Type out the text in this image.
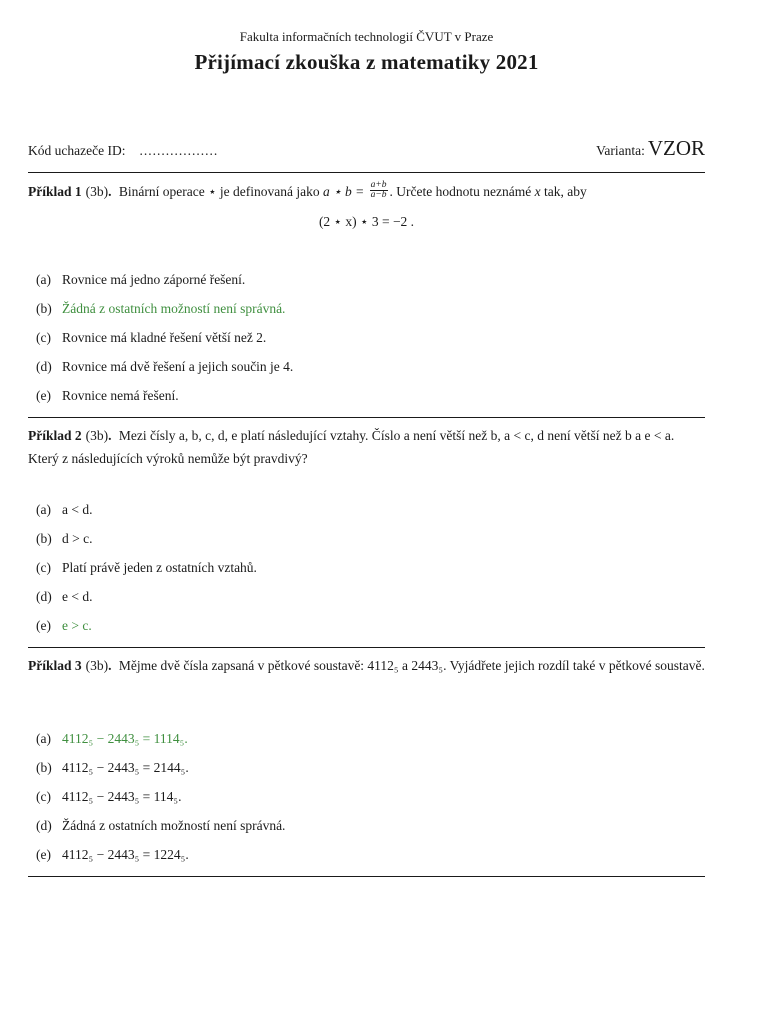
Fakulta informačních technologií ČVUT v Praze
Přijímací zkouška z matematiky 2021
Kód uchazeče ID: ..................	Varianta: VZOR
Příklad 1 (3b). Binární operace ⋆ je definovaná jako a ⋆ $b = \frac{a+b}{a-b}$ . Určete hodnotu neznámé x tak, aby
(2 ⋆ x) ⋆ 3 = −2 .
(a) Rovnice má jedno záporné řešení.
(b) Žádná z ostatních možností není správná.
(c) Rovnice má kladné řešení větší než 2.
(d) Rovnice má dvě řešení a jejich součin je 4.
(e) Rovnice nemá řešení.
Příklad 2 (3b). Mezi čísly a, b, c, d, e platí následující vztahy. Číslo a není větší než b, a < c, d není větší než b a e < a. Který z následujících výroků nemůže být pravdivý?
(a) a < d.
(b) d > c.
(c) Platí právě jeden z ostatních vztahů.
(d) e < d.
(e) e > c.
Příklad 3 (3b). Mějme dvě čísla zapsaná v pětkové soustavě: 4112₅ a 2443₅. Vyjádřete jejich rozdíl také v pětkové soustavě.
(a) 4112₅ − 2443₅ = 1114₅.
(b) 4112₅ − 2443₅ = 2144₅.
(c) 4112₅ − 2443₅ = 114₅.
(d) Žádná z ostatních možností není správná.
(e) 4112₅ − 2443₅ = 1224₅.
